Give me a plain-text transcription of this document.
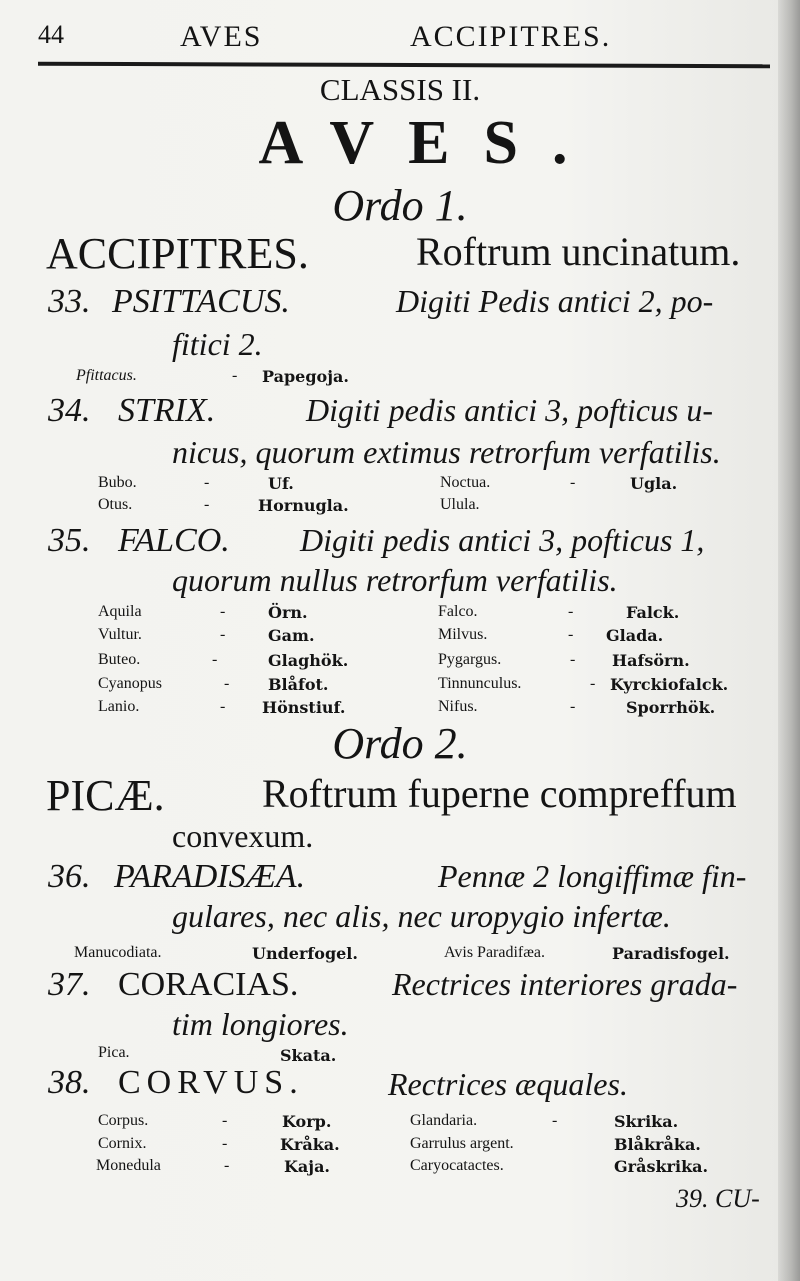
44	AVES	ACCIPITRES.
CLASSIS II.
AVES.
Ordo 1.
ACCIPITRES.	Roftrum uncinatum.
33. PSITTACUS.	Digiti Pedis antici 2, po-
fitici 2.
Pfittacus.	- Papegoja.
34. STRIX.	Digiti pedis antici 3, pofticus u-
nicus, quorum extimus retrorfum verfatilis.
Bubo.	-	Uf.
Otus.	-	Hornugla.
Noctua.	-	Ugla.
Ulula.
35. FALCO. Digiti pedis antici 3, pofticus 1,
quorum nullus retrorfum verfatilis.
Aquila	-	Örn.
Vultur.	-	Gam.
Buteo.	-	Glaghök.
Cyanopus	- Blåfot.
Lanio.	- Hönstiuf.
Falco.	-	Falck.
Milvus.	- Glada.
Pygargus.	- Hafsörn.
Tinnunculus.	- Kyrckiofalck.
Nifus.	-	Sporrhök.
Ordo 2.
PICÆ. Roftrum fuperne compreffum
convexum.
36. PARADISÆA.	Pennæ 2 longiffimæ fin-
gulares, nec alis, nec uropygio infertæ.
Manucodiata.	Underfogel.	Avis Paradifæa.	Paradisfogel.
37. CORACIAS.	Rectrices interiores grada-
tim longiores.
Pica.	Skata.
38. CORVUS.	Rectrices æquales.
Corpus.	-	Korp.
Cornix.	-	Kråka.
Monedula	-	Kaja.
Glandaria.	-	Skrika.
Garrulus argent.	Blåkråka.
Caryocatactes.	Gråskrika.
39. CU-
